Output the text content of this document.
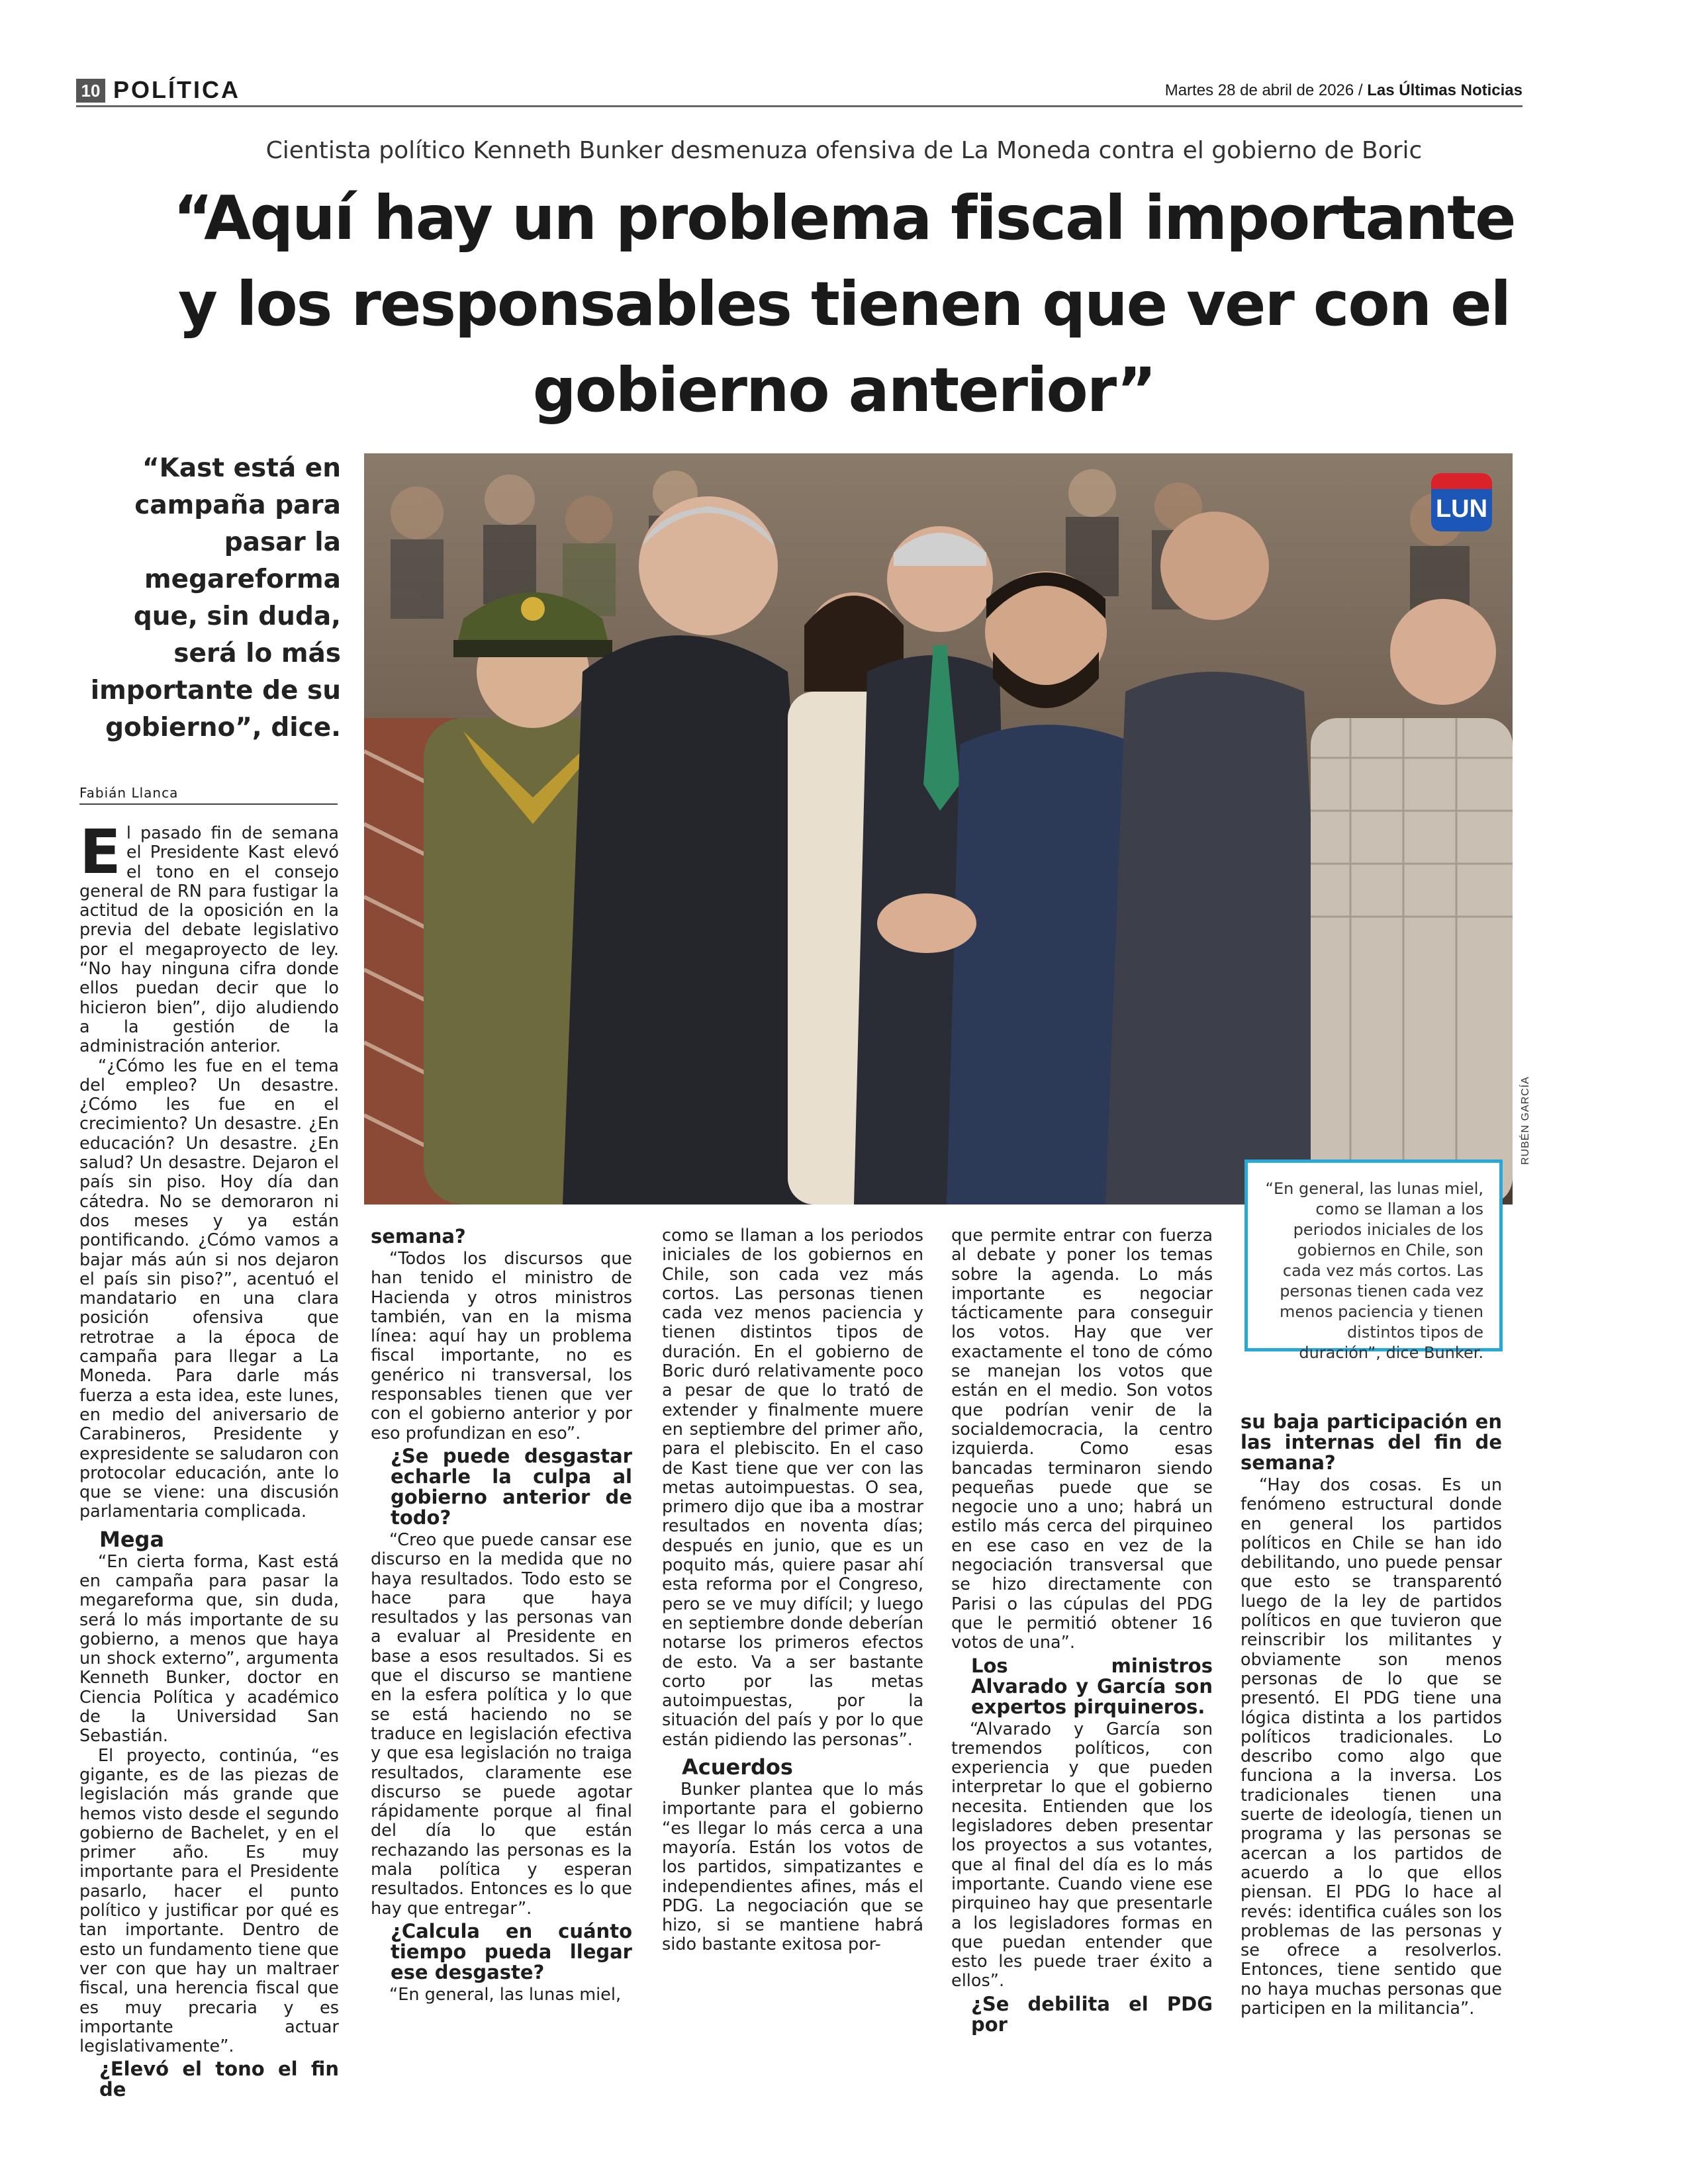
10 POLÍTICA	Martes 28 de abril de 2026 / Las Últimas Noticias
Cientista político Kenneth Bunker desmenuza ofensiva de La Moneda contra el gobierno de Boric
“Aquí hay un problema fiscal importante
y los responsables tienen que ver con el
gobierno anterior”
“Kast está en campaña para pasar la megareforma que, sin duda, será lo más importante de su gobierno”, dice.
Fabián Llanca
LUN
RUBÉN GARCÍA
“En general, las lunas miel, como se llaman a los periodos iniciales de los gobiernos en Chile, son cada vez más cortos. Las personas tienen cada vez menos paciencia y tienen distintos tipos de duración”, dice Bunker.

El pasado fin de semana el Presidente Kast elevó el tono en el consejo general de RN para fustigar la actitud de la oposición en la previa del debate legislativo por el megaproyecto de ley. “No hay ninguna cifra donde ellos puedan decir que lo hicieron bien”, dijo aludiendo a la gestión de la administración anterior.

“¿Cómo les fue en el tema del empleo? Un desastre. ¿Cómo les fue en el crecimiento? Un desastre. ¿En educación? Un desastre. ¿En salud? Un desastre. Dejaron el país sin piso. Hoy día dan cátedra. No se demoraron ni dos meses y ya están pontificando. ¿Cómo vamos a bajar más aún si nos dejaron el país sin piso?”, acentuó el mandatario en una clara posición ofensiva que retrotrae a la época de campaña para llegar a La Moneda. Para darle más fuerza a esta idea, este lunes, en medio del aniversario de Carabineros, Presidente y expresidente se saludaron con protocolar educación, ante lo que se viene: una discusión parlamentaria complicada.

Mega

“En cierta forma, Kast está en campaña para pasar la megareforma que, sin duda, será lo más importante de su gobierno, a menos que haya un shock externo”, argumenta Kenneth Bunker, doctor en Ciencia Política y académico de la Universidad San Sebastián.

El proyecto, continúa, “es gigante, es de las piezas de legislación más grande que hemos visto desde el segundo gobierno de Bachelet, y en el primer año. Es muy importante para el Presidente pasarlo, hacer el punto político y justificar por qué es tan importante. Dentro de esto un fundamento tiene que ver con que hay un maltraer fiscal, una herencia fiscal que es muy precaria y es importante actuar legislativamente”.

¿Elevó el tono el fin de
semana?

“Todos los discursos que han tenido el ministro de Hacienda y otros ministros también, van en la misma línea: aquí hay un problema fiscal importante, no es genérico ni transversal, los responsables tienen que ver con el gobierno anterior y por eso profundizan en eso”.

¿Se puede desgastar echarle la culpa al gobierno anterior de todo?

“Creo que puede cansar ese discurso en la medida que no haya resultados. Todo esto se hace para que haya resultados y las personas van a evaluar al Presidente en base a esos resultados. Si es que el discurso se mantiene en la esfera política y lo que se está haciendo no se traduce en legislación efectiva y que esa legislación no traiga resultados, claramente ese discurso se puede agotar rápidamente porque al final del día lo que están rechazando las personas es la mala política y esperan resultados. Entonces es lo que hay que entregar”.

¿Calcula en cuánto tiempo pueda llegar ese desgaste?

“En general, las lunas miel,

como se llaman a los periodos iniciales de los gobiernos en Chile, son cada vez más cortos. Las personas tienen cada vez menos paciencia y tienen distintos tipos de duración. En el gobierno de Boric duró relativamente poco a pesar de que lo trató de extender y finalmente muere en septiembre del primer año, para el plebiscito. En el caso de Kast tiene que ver con las metas autoimpuestas. O sea, primero dijo que iba a mostrar resultados en noventa días; después en junio, que es un poquito más, quiere pasar ahí esta reforma por el Congreso, pero se ve muy difícil; y luego en septiembre donde deberían notarse los primeros efectos de esto. Va a ser bastante corto por las metas autoimpuestas, por la situación del país y por lo que están pidiendo las personas”.

Acuerdos

Bunker plantea que lo más importante para el gobierno “es llegar lo más cerca a una mayoría. Están los votos de los partidos, simpatizantes e independientes afines, más el PDG. La negociación que se hizo, si se mantiene habrá sido bastante exitosa por-

que permite entrar con fuerza al debate y poner los temas sobre la agenda. Lo más importante es negociar tácticamente para conseguir los votos. Hay que ver exactamente el tono de cómo se manejan los votos que están en el medio. Son votos que podrían venir de la socialdemocracia, la centro izquierda. Como esas bancadas terminaron siendo pequeñas puede que se negocie uno a uno; habrá un estilo más cerca del pirquineo en ese caso en vez de la negociación transversal que se hizo directamente con Parisi o las cúpulas del PDG que le permitió obtener 16 votos de una”.

Los ministros Alvarado y García son expertos pirquineros.

“Alvarado y García son tremendos políticos, con experiencia y que pueden interpretar lo que el gobierno necesita. Entienden que los legisladores deben presentar los proyectos a sus votantes, que al final del día es lo más importante. Cuando viene ese pirquineo hay que presentarle a los legisladores formas en que puedan entender que esto les puede traer éxito a ellos”.

¿Se debilita el PDG por
su baja participación en las internas del fin de semana?

“Hay dos cosas. Es un fenómeno estructural donde en general los partidos políticos en Chile se han ido debilitando, uno puede pensar que esto se transparentó luego de la ley de partidos políticos en que tuvieron que reinscribir los militantes y obviamente son menos personas de lo que se presentó. El PDG tiene una lógica distinta a los partidos políticos tradicionales. Lo describo como algo que funciona a la inversa. Los tradicionales tienen una suerte de ideología, tienen un programa y las personas se acercan a los partidos de acuerdo a lo que ellos piensan. El PDG lo hace al revés: identifica cuáles son los problemas de las personas y se ofrece a resolverlos. Entonces, tiene sentido que no haya muchas personas que participen en la militancia”.
